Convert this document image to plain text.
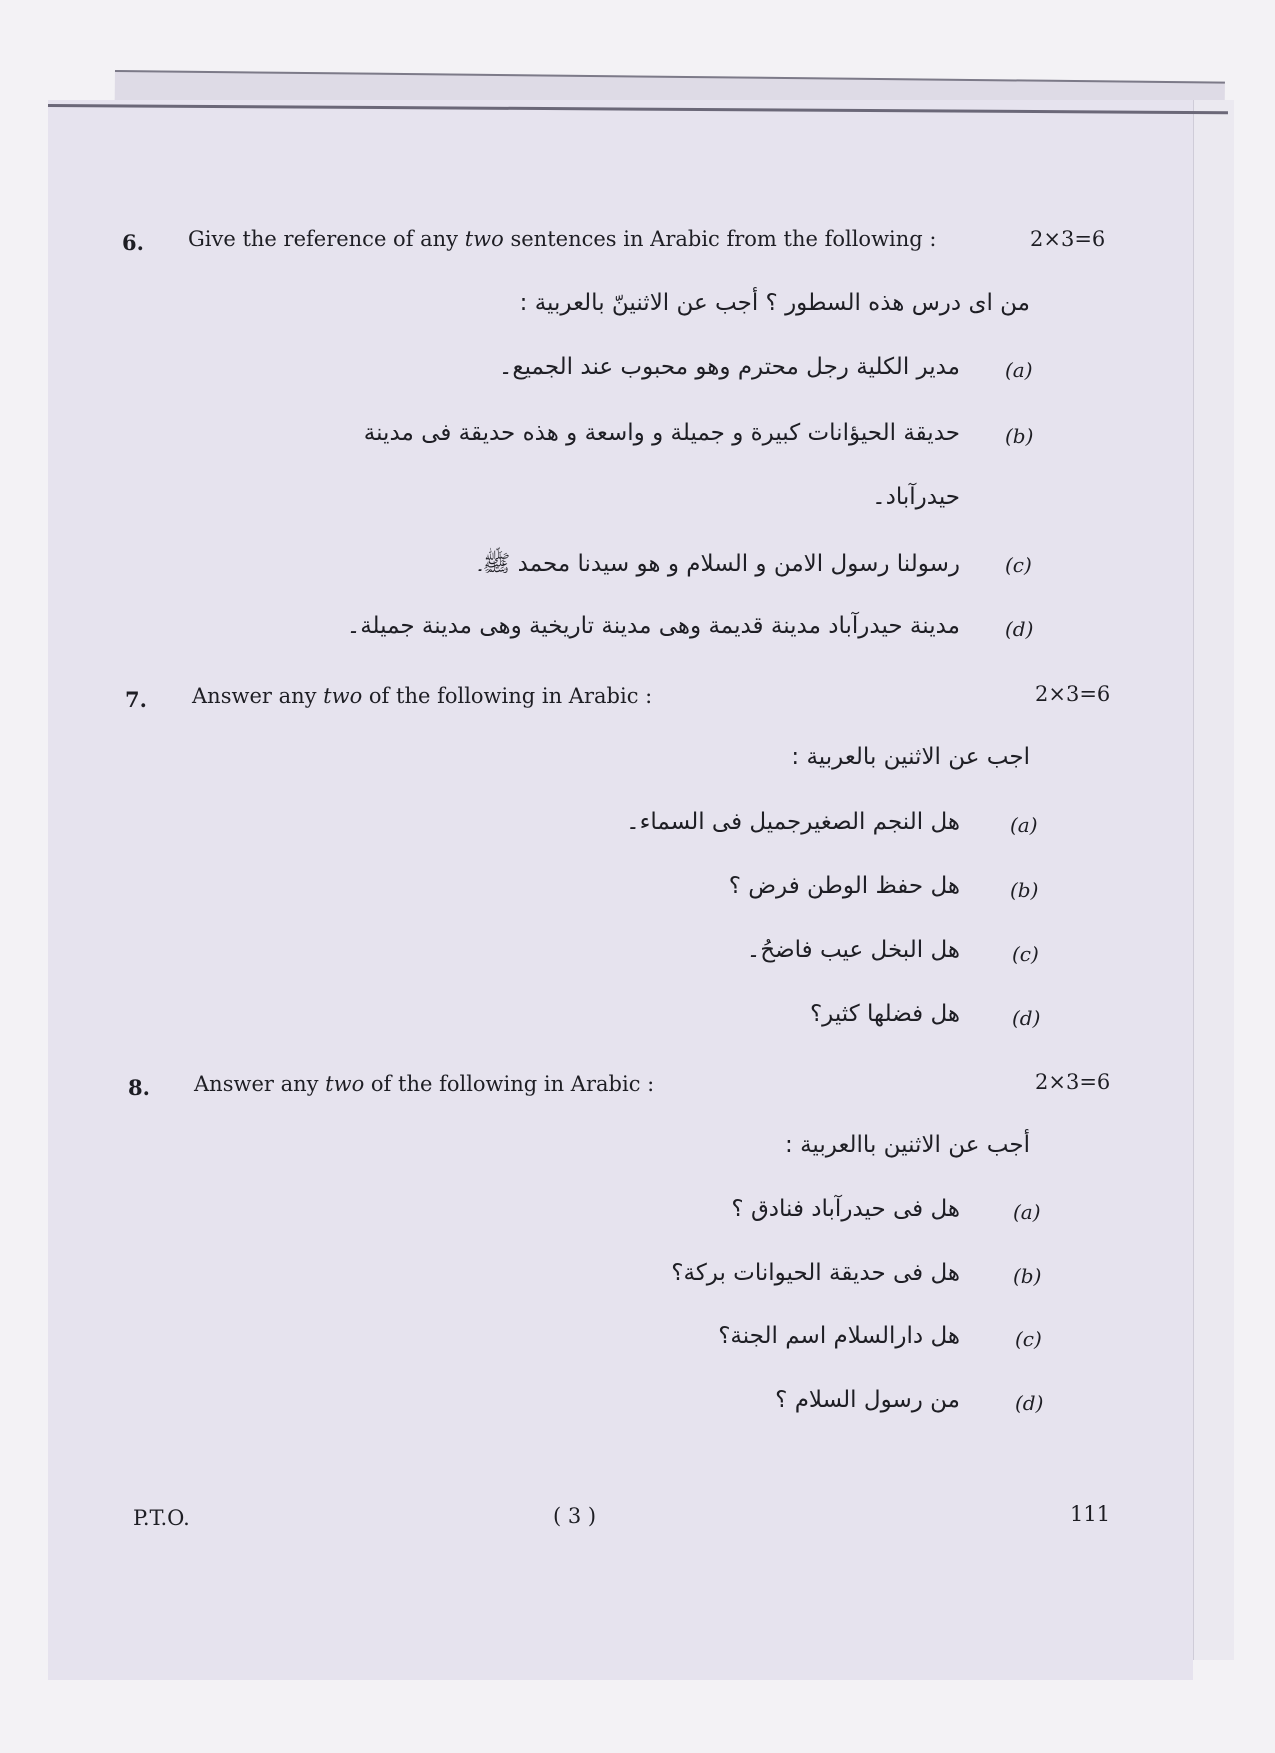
6. Give the reference of any two sentences in Arabic from the following :	2×3=6
من ای درس هذه السطور ؟ أجب عن الاثنينّ بالعربية :
(a)
مدير الكلية رجل محترم وهو محبوب عند الجميع۔
(b)
حديقة الحيؤانات كبيرة و جميلة و واسعة و هذه حديقة فى مدينة
حيدرآباد۔
(c)
رسولنا رسول الامن و السلام و هو سيدنا محمد ﷺ۔
(d)
مدينة حيدرآباد مدينة قديمة وهى مدينة تاريخية وهى مدينة جميلة۔
7. Answer any two of the following in Arabic :	2×3=6
اجب عن الاثنين بالعربية :
(a)
هل النجم الصغيرجميل فى السماء۔
(b)
هل حفظ الوطن فرض ؟
(c)
هل البخل عيب فاضحُ۔
(d)
هل فضلها كثير؟
8. Answer any two of the following in Arabic :	2×3=6
أجب عن الاثنين باالعربية :
(a)
هل فى حيدرآباد فنادق ؟
(b)
هل فى حديقة الحيوانات بركة؟
(c)
هل دارالسلام اسم الجنة؟
(d)
من رسول السلام ؟
P.T.O.	( 3 )	111
